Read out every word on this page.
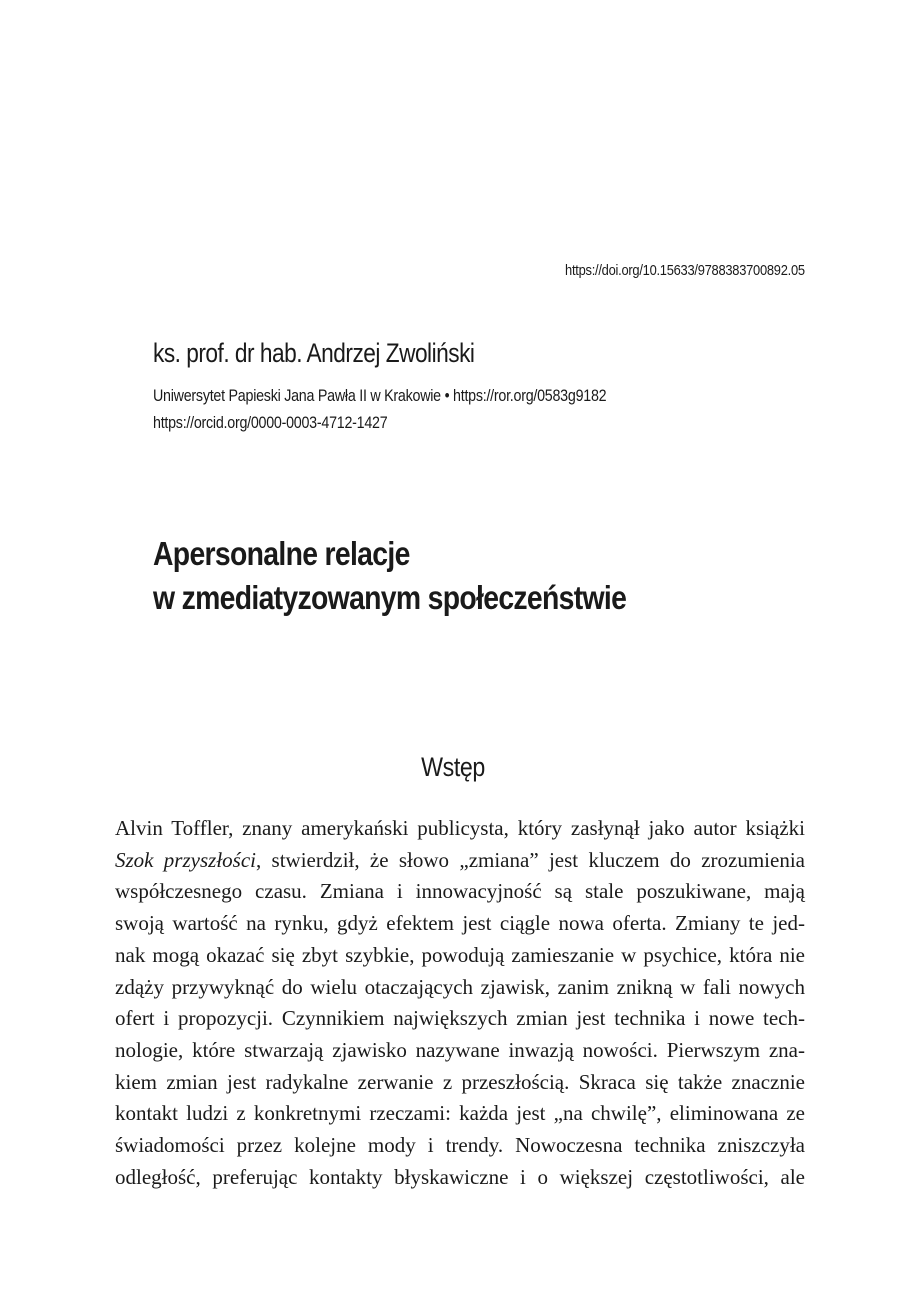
https://doi.org/10.15633/9788383700892.05
ks. prof. dr hab. Andrzej Zwoliński
Uniwersytet Papieski Jana Pawła II w Krakowie • https://ror.org/0583g9182
https://orcid.org/0000-0003-4712-1427
Apersonalne relacje
w zmediatyzowanym społeczeństwie
Wstęp
Alvin Toffler, znany amerykański publicysta, który zasłynął jako autor książki
Szok przyszłości, stwierdził, że słowo „zmiana” jest kluczem do zrozumienia
współczesnego czasu. Zmiana i innowacyjność są stale poszukiwane, mają
swoją wartość na rynku, gdyż efektem jest ciągle nowa oferta. Zmiany te jed-
nak mogą okazać się zbyt szybkie, powodują zamieszanie w psychice, która nie
zdąży przywyknąć do wielu otaczających zjawisk, zanim znikną w fali nowych
ofert i propozycji. Czynnikiem największych zmian jest technika i nowe tech-
nologie, które stwarzają zjawisko nazywane inwazją nowości. Pierwszym zna-
kiem zmian jest radykalne zerwanie z przeszłością. Skraca się także znacznie
kontakt ludzi z konkretnymi rzeczami: każda jest „na chwilę”, eliminowana ze
świadomości przez kolejne mody i trendy. Nowoczesna technika zniszczyła
odległość, preferując kontakty błyskawiczne i o większej częstotliwości, ale
